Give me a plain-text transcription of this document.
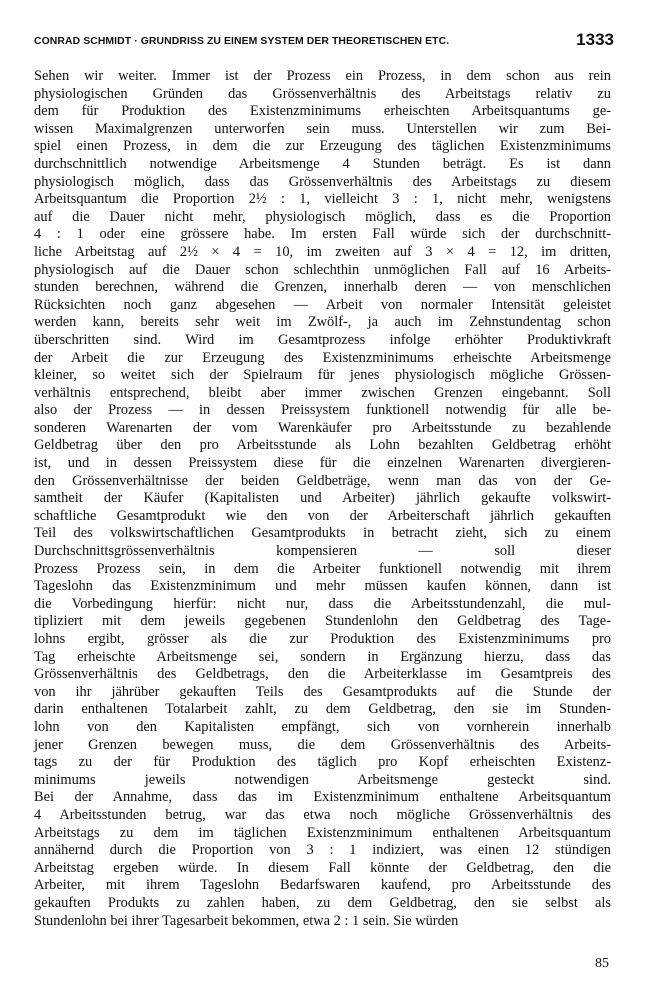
CONRAD SCHMIDT · GRUNDRISS ZU EINEM SYSTEM DER THEORETISCHEN ETC.	1333
Sehen wir weiter. Immer ist der Prozess ein Prozess, in dem schon aus rein
physiologischen Gründen das Grössenverhältnis des Arbeitstags relativ zu
dem für Produktion des Existenzminimums erheischten Arbeitsquantums ge-
wissen Maximalgrenzen unterworfen sein muss. Unterstellen wir zum Bei-
spiel einen Prozess, in dem die zur Erzeugung des täglichen Existenzminimums
durchschnittlich notwendige Arbeitsmenge 4 Stunden beträgt. Es ist dann
physiologisch möglich, dass das Grössenverhältnis des Arbeitstags zu diesem
Arbeitsquantum die Proportion 2½ : 1, vielleicht 3 : 1, nicht mehr, wenigstens
auf die Dauer nicht mehr, physiologisch möglich, dass es die Proportion
4 : 1 oder eine grössere habe. Im ersten Fall würde sich der durchschnitt-
liche Arbeitstag auf 2½ × 4 = 10, im zweiten auf 3 × 4 = 12, im dritten,
physiologisch auf die Dauer schon schlechthin unmöglichen Fall auf 16 Arbeits-
stunden berechnen, während die Grenzen, innerhalb deren — von menschlichen
Rücksichten noch ganz abgesehen — Arbeit von normaler Intensität geleistet
werden kann, bereits sehr weit im Zwölf-, ja auch im Zehnstundentag schon
überschritten sind. Wird im Gesamtprozess infolge erhöhter Produktivkraft
der Arbeit die zur Erzeugung des Existenzminimums erheischte Arbeitsmenge
kleiner, so weitet sich der Spielraum für jenes physiologisch mögliche Grössen-
verhältnis entsprechend, bleibt aber immer zwischen Grenzen eingebannt. Soll
also der Prozess — in dessen Preissystem funktionell notwendig für alle be-
sonderen Warenarten der vom Warenkäufer pro Arbeitsstunde zu bezahlende
Geldbetrag über den pro Arbeitsstunde als Lohn bezahlten Geldbetrag erhöht
ist, und in dessen Preissystem diese für die einzelnen Warenarten divergieren-
den Grössenverhältnisse der beiden Geldbeträge, wenn man das von der Ge-
samtheit der Käufer (Kapitalisten und Arbeiter) jährlich gekaufte volkswirt-
schaftliche Gesamtprodukt wie den von der Arbeiterschaft jährlich gekauften
Teil des volkswirtschaftlichen Gesamtprodukts in betracht zieht, sich zu einem
Durchschnittsgrössenverhältnis kompensieren — soll dieser
Prozess Prozess sein, in dem die Arbeiter funktionell notwendig mit ihrem
Tageslohn das Existenzminimum und mehr müssen kaufen können, dann ist
die Vorbedingung hierfür: nicht nur, dass die Arbeitsstundenzahl, die mul-
tipliziert mit dem jeweils gegebenen Stundenlohn den Geldbetrag des Tage-
lohns ergibt, grösser als die zur Produktion des Existenzminimums pro
Tag erheischte Arbeitsmenge sei, sondern in Ergänzung hierzu, dass das
Grössenverhältnis des Geldbetrags, den die Arbeiterklasse im Gesamtpreis des
von ihr jährüber gekauften Teils des Gesamtprodukts auf die Stunde der
darin enthaltenen Totalarbeit zahlt, zu dem Geldbetrag, den sie im Stunden-
lohn von den Kapitalisten empfängt, sich von vornherein innerhalb
jener Grenzen bewegen muss, die dem Grössenverhältnis des Arbeits-
tags zu der für Produktion des täglich pro Kopf erheischten Existenz-
minimums jeweils notwendigen Arbeitsmenge gesteckt sind.
Bei der Annahme, dass das im Existenzminimum enthaltene Arbeitsquantum
4 Arbeitsstunden betrug, war das etwa noch mögliche Grössenverhältnis des
Arbeitstags zu dem im täglichen Existenzminimum enthaltenen Arbeitsquantum
annähernd durch die Proportion von 3 : 1 indiziert, was einen 12 stündigen
Arbeitstag ergeben würde. In diesem Fall könnte der Geldbetrag, den die
Arbeiter, mit ihrem Tageslohn Bedarfswaren kaufend, pro Arbeitsstunde des
gekauften Produkts zu zahlen haben, zu dem Geldbetrag, den sie selbst als
Stundenlohn bei ihrer Tagesarbeit bekommen, etwa 2 : 1 sein. Sie würden
85
